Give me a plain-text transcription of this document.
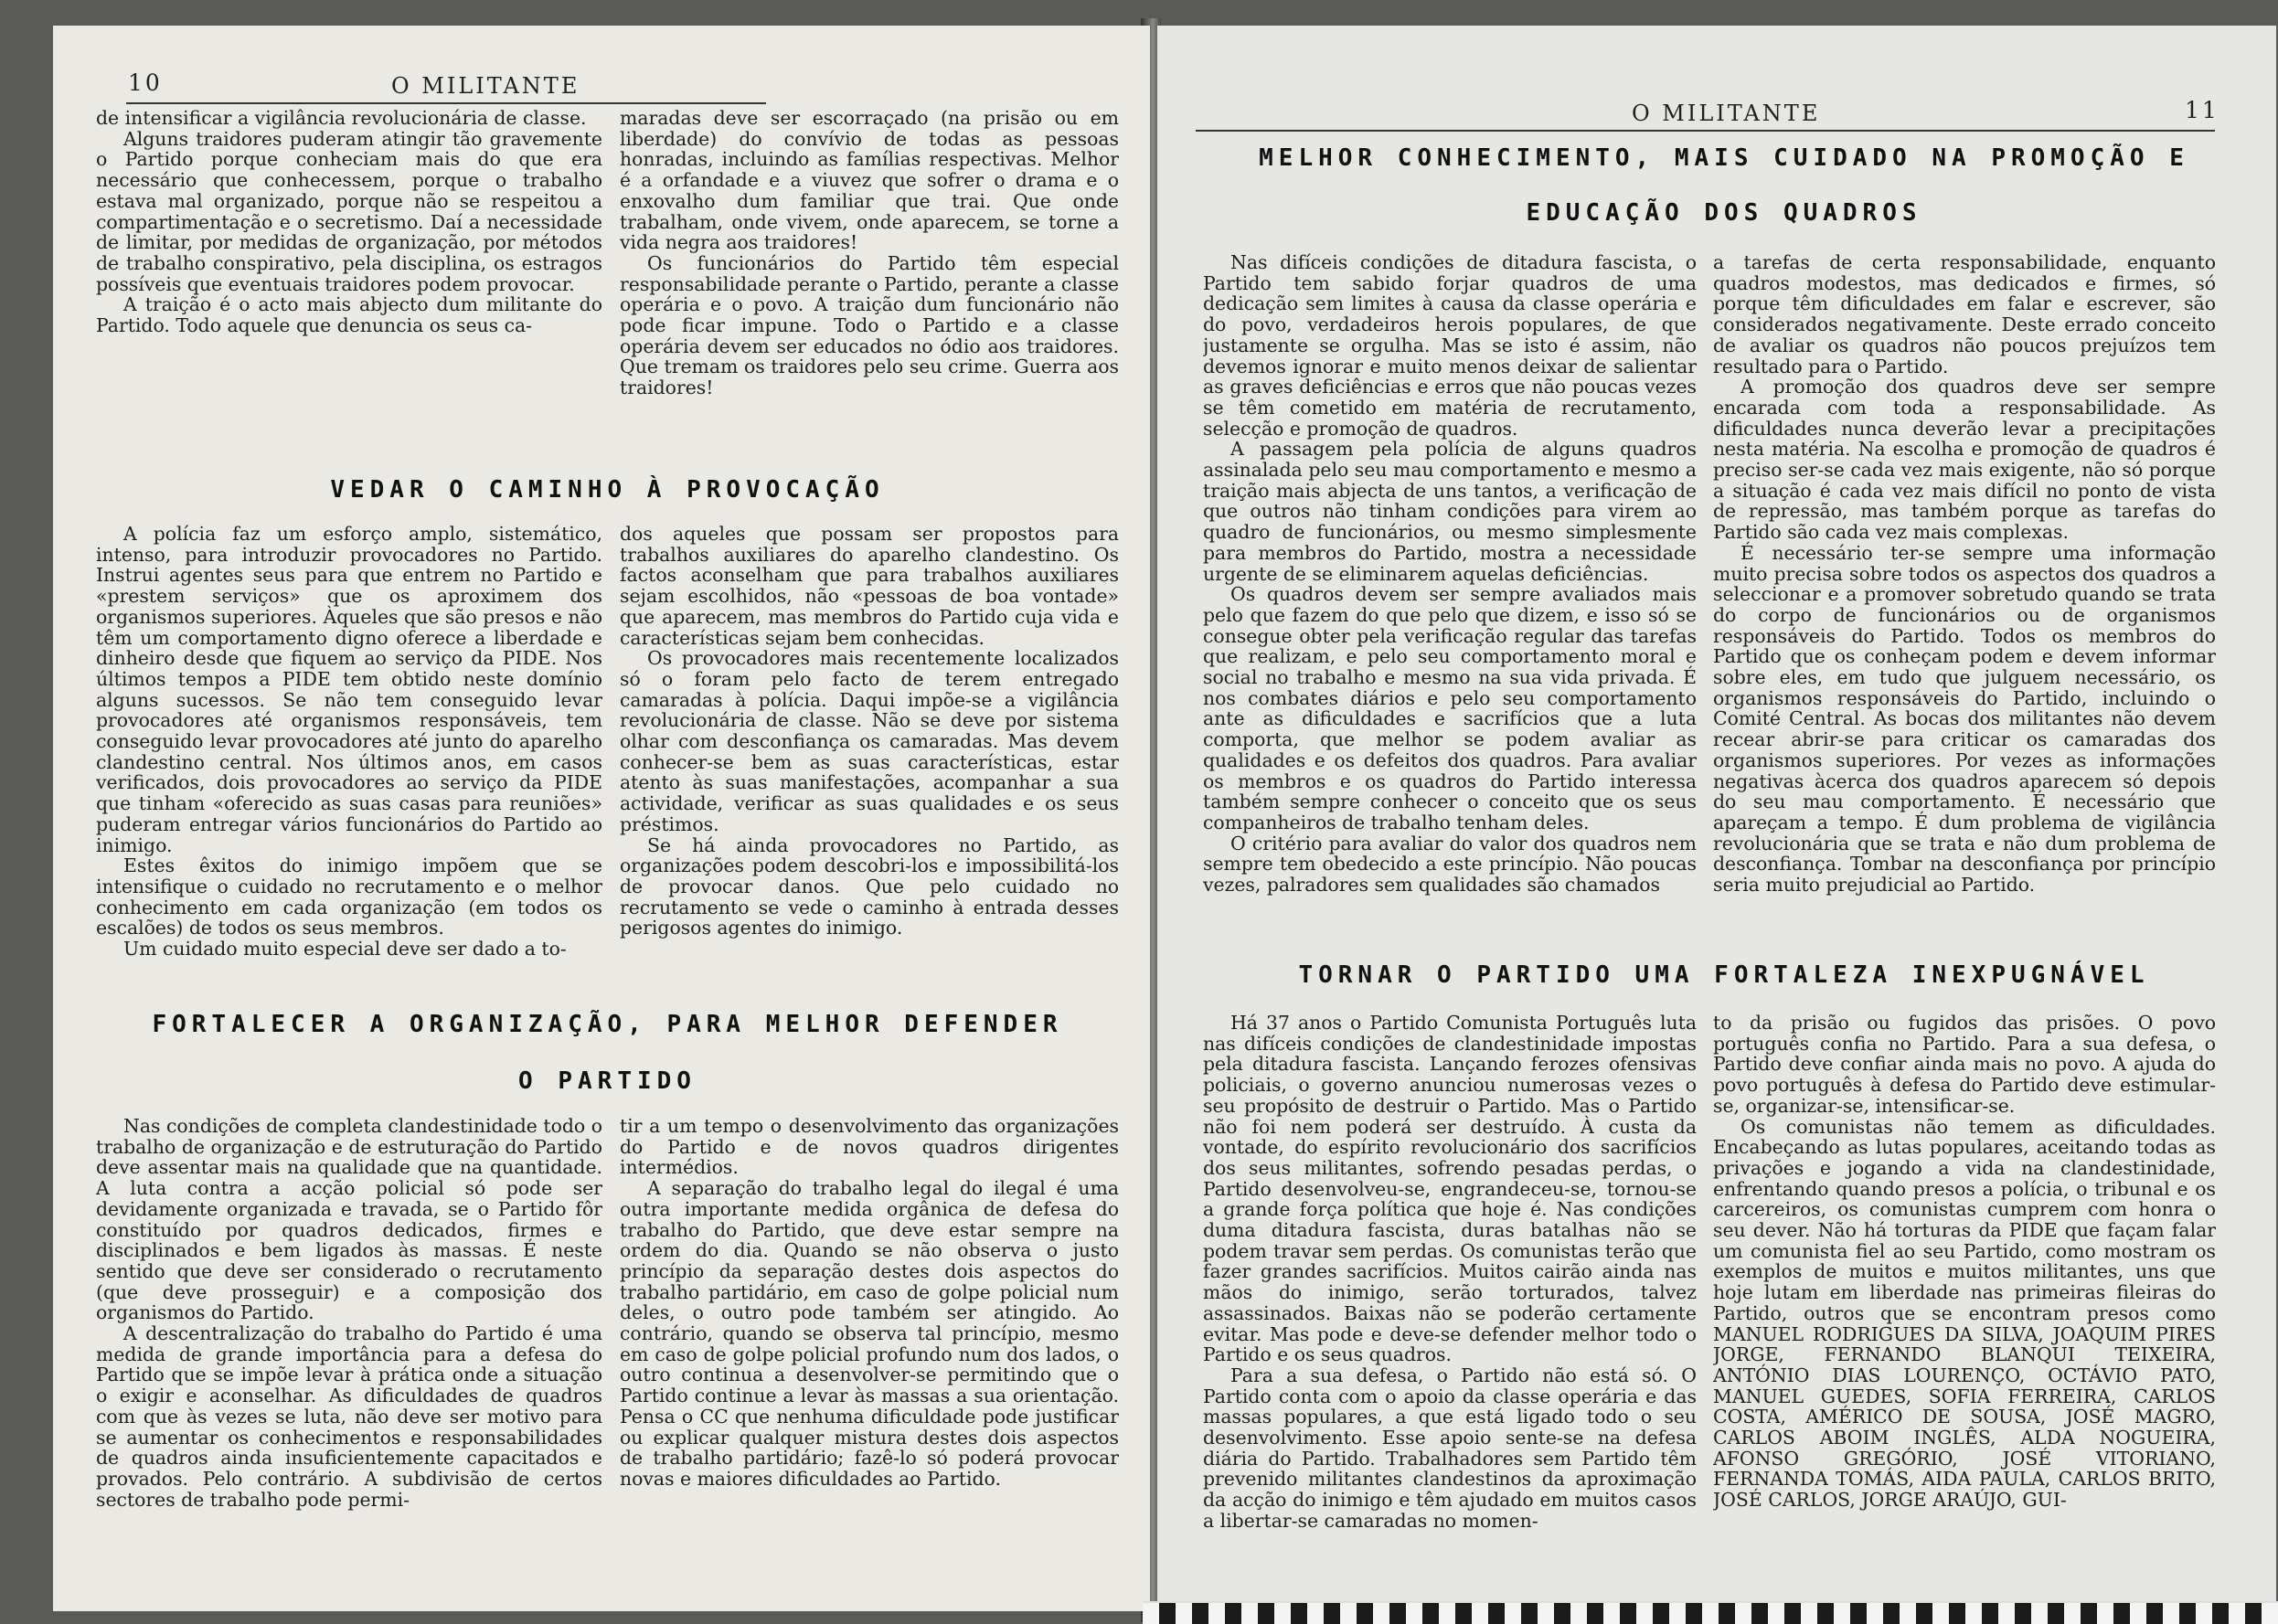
10	O MILITANTE

de intensificar a vigilância revolucionária de classe.

Alguns traidores puderam atingir tão gravemente o Partido porque conheciam mais do que era necessário que conhecessem, porque o trabalho estava mal organizado, porque não se respeitou a compartimentação e o secretismo. Daí a necessidade de limitar, por medidas de organização, por métodos de trabalho conspirativo, pela disciplina, os estragos possíveis que eventuais traidores podem provocar.

A traição é o acto mais abjecto dum militante do Partido. Todo aquele que denuncia os seus ca-

maradas deve ser escorraçado (na prisão ou em liberdade) do convívio de todas as pessoas honradas, incluindo as famílias respectivas. Melhor é a orfandade e a viuvez que sofrer o drama e o enxovalho dum familiar que trai. Que onde trabalham, onde vivem, onde aparecem, se torne a vida negra aos traidores!

Os funcionários do Partido têm especial responsabilidade perante o Partido, perante a classe operária e o povo. A traição dum funcionário não pode ficar impune. Todo o Partido e a classe operária devem ser educados no ódio aos traidores. Que tremam os traidores pelo seu crime. Guerra aos traidores!

VEDAR O CAMINHO À PROVOCAÇÃO

A polícia faz um esforço amplo, sistemático, intenso, para introduzir provocadores no Partido. Instrui agentes seus para que entrem no Partido e «prestem serviços» que os aproximem dos organismos superiores. Àqueles que são presos e não têm um comportamento digno oferece a liberdade e dinheiro desde que fiquem ao serviço da PIDE. Nos últimos tempos a PIDE tem obtido neste domínio alguns sucessos. Se não tem conseguido levar provocadores até organismos responsáveis, tem conseguido levar provocadores até junto do aparelho clandestino central. Nos últimos anos, em casos verificados, dois provocadores ao serviço da PIDE que tinham «oferecido as suas casas para reuniões» puderam entregar vários funcionários do Partido ao inimigo.

Estes êxitos do inimigo impõem que se intensifique o cuidado no recrutamento e o melhor conhecimento em cada organização (em todos os escalões) de todos os seus membros.

Um cuidado muito especial deve ser dado a to-

dos aqueles que possam ser propostos para trabalhos auxiliares do aparelho clandestino. Os factos aconselham que para trabalhos auxiliares sejam escolhidos, não «pessoas de boa vontade» que aparecem, mas membros do Partido cuja vida e características sejam bem conhecidas.

Os provocadores mais recentemente localizados só o foram pelo facto de terem entregado camaradas à polícia. Daqui impõe-se a vigilância revolucionária de classe. Não se deve por sistema olhar com desconfiança os camaradas. Mas devem conhecer-se bem as suas características, estar atento às suas manifestações, acompanhar a sua actividade, verificar as suas qualidades e os seus préstimos.

Se há ainda provocadores no Partido, as organizações podem descobri-los e impossibilitá-los de provocar danos. Que pelo cuidado no recrutamento se vede o caminho à entrada desses perigosos agentes do inimigo.

FORTALECER A ORGANIZAÇÃO, PARA MELHOR DEFENDER
O PARTIDO

Nas condições de completa clandestinidade todo o trabalho de organização e de estruturação do Partido deve assentar mais na qualidade que na quantidade. A luta contra a acção policial só pode ser devidamente organizada e travada, se o Partido fôr constituído por quadros dedicados, firmes e disciplinados e bem ligados às massas. É neste sentido que deve ser considerado o recrutamento (que deve prosseguir) e a composição dos organismos do Partido.

A descentralização do trabalho do Partido é uma medida de grande importância para a defesa do Partido que se impõe levar à prática onde a situação o exigir e aconselhar. As dificuldades de quadros com que às vezes se luta, não deve ser motivo para se aumentar os conhecimentos e responsabilidades de quadros ainda insuficientemente capacitados e provados. Pelo contrário. A subdivisão de certos sectores de trabalho pode permi-

tir a um tempo o desenvolvimento das organizações do Partido e de novos quadros dirigentes intermédios.

A separação do trabalho legal do ilegal é uma outra importante medida orgânica de defesa do trabalho do Partido, que deve estar sempre na ordem do dia. Quando se não observa o justo princípio da separação destes dois aspectos do trabalho partidário, em caso de golpe policial num deles, o outro pode também ser atingido. Ao contrário, quando se observa tal princípio, mesmo em caso de golpe policial profundo num dos lados, o outro continua a desenvolver-se permitindo que o Partido continue a levar às massas a sua orientação. Pensa o CC que nenhuma dificuldade pode justificar ou explicar qualquer mistura destes dois aspectos de trabalho partidário; fazê-lo só poderá provocar novas e maiores dificuldades ao Partido.

O MILITANTE	11
MELHOR CONHECIMENTO, MAIS CUIDADO NA PROMOÇÃO E
EDUCAÇÃO DOS QUADROS

Nas difíceis condições de ditadura fascista, o Partido tem sabido forjar quadros de uma dedicação sem limites à causa da classe operária e do povo, verdadeiros herois populares, de que justamente se orgulha. Mas se isto é assim, não devemos ignorar e muito menos deixar de salientar as graves deficiências e erros que não poucas vezes se têm cometido em matéria de recrutamento, selecção e promoção de quadros.

A passagem pela polícia de alguns quadros assinalada pelo seu mau comportamento e mesmo a traição mais abjecta de uns tantos, a verificação de que outros não tinham condições para virem ao quadro de funcionários, ou mesmo simplesmente para membros do Partido, mostra a necessidade urgente de se eliminarem aquelas deficiências.

Os quadros devem ser sempre avaliados mais pelo que fazem do que pelo que dizem, e isso só se consegue obter pela verificação regular das tarefas que realizam, e pelo seu comportamento moral e social no trabalho e mesmo na sua vida privada. É nos combates diários e pelo seu comportamento ante as dificuldades e sacrifícios que a luta comporta, que melhor se podem avaliar as qualidades e os defeitos dos quadros. Para avaliar os membros e os quadros do Partido interessa também sempre conhecer o conceito que os seus companheiros de trabalho tenham deles.

O critério para avaliar do valor dos quadros nem sempre tem obedecido a este princípio. Não poucas vezes, palradores sem qualidades são chamados

a tarefas de certa responsabilidade, enquanto quadros modestos, mas dedicados e firmes, só porque têm dificuldades em falar e escrever, são considerados negativamente. Deste errado conceito de avaliar os quadros não poucos prejuízos tem resultado para o Partido.

A promoção dos quadros deve ser sempre encarada com toda a responsabilidade. As dificuldades nunca deverão levar a precipitações nesta matéria. Na escolha e promoção de quadros é preciso ser-se cada vez mais exigente, não só porque a situação é cada vez mais difícil no ponto de vista de repressão, mas também porque as tarefas do Partido são cada vez mais complexas.

É necessário ter-se sempre uma informação muito precisa sobre todos os aspectos dos quadros a seleccionar e a promover sobretudo quando se trata do corpo de funcionários ou de organismos responsáveis do Partido. Todos os membros do Partido que os conheçam podem e devem informar sobre eles, em tudo que julguem necessário, os organismos responsáveis do Partido, incluindo o Comité Central. As bocas dos militantes não devem recear abrir-se para criticar os camaradas dos organismos superiores. Por vezes as informações negativas àcerca dos quadros aparecem só depois do seu mau comportamento. É necessário que apareçam a tempo. É dum problema de vigilância revolucionária que se trata e não dum problema de desconfiança. Tombar na desconfiança por princípio seria muito prejudicial ao Partido.

TORNAR O PARTIDO UMA FORTALEZA INEXPUGNÁVEL

Há 37 anos o Partido Comunista Português luta nas difíceis condições de clandestinidade impostas pela ditadura fascista. Lançando ferozes ofensivas policiais, o governo anunciou numerosas vezes o seu propósito de destruir o Partido. Mas o Partido não foi nem poderá ser destruído. À custa da vontade, do espírito revolucionário dos sacrifícios dos seus militantes, sofrendo pesadas perdas, o Partido desenvolveu-se, engrandeceu-se, tornou-se a grande força política que hoje é. Nas condições duma ditadura fascista, duras batalhas não se podem travar sem perdas. Os comunistas terão que fazer grandes sacrifícios. Muitos cairão ainda nas mãos do inimigo, serão torturados, talvez assassinados. Baixas não se poderão certamente evitar. Mas pode e deve-se defender melhor todo o Partido e os seus quadros.

Para a sua defesa, o Partido não está só. O Partido conta com o apoio da classe operária e das massas populares, a que está ligado todo o seu desenvolvimento. Esse apoio sente-se na defesa diária do Partido. Trabalhadores sem Partido têm prevenido militantes clandestinos da aproximação da acção do inimigo e têm ajudado em muitos casos a libertar-se camaradas no momen-

to da prisão ou fugidos das prisões. O povo português confia no Partido. Para a sua defesa, o Partido deve confiar ainda mais no povo. A ajuda do povo português à defesa do Partido deve estimular-se, organizar-se, intensificar-se.

Os comunistas não temem as dificuldades. Encabeçando as lutas populares, aceitando todas as privações e jogando a vida na clandestinidade, enfrentando quando presos a polícia, o tribunal e os carcereiros, os comunistas cumprem com honra o seu dever. Não há torturas da PIDE que façam falar um comunista fiel ao seu Partido, como mostram os exemplos de muitos e muitos militantes, uns que hoje lutam em liberdade nas primeiras fileiras do Partido, outros que se encontram presos como MANUEL RODRIGUES DA SILVA, JOAQUIM PIRES JORGE, FERNANDO BLANQUI TEIXEIRA, ANTÓNIO DIAS LOURENÇO, OCTÁVIO PATO, MANUEL GUEDES, SOFIA FERREIRA, CARLOS COSTA, AMÉRICO DE SOUSA, JOSÉ MAGRO, CARLOS ABOIM INGLÊS, ALDA NOGUEIRA, AFONSO GREGÓRIO, JOSÉ VITORIANO, FERNANDA TOMÁS, AIDA PAULA, CARLOS BRITO, JOSÉ CARLOS, JORGE ARAÚJO, GUI-
